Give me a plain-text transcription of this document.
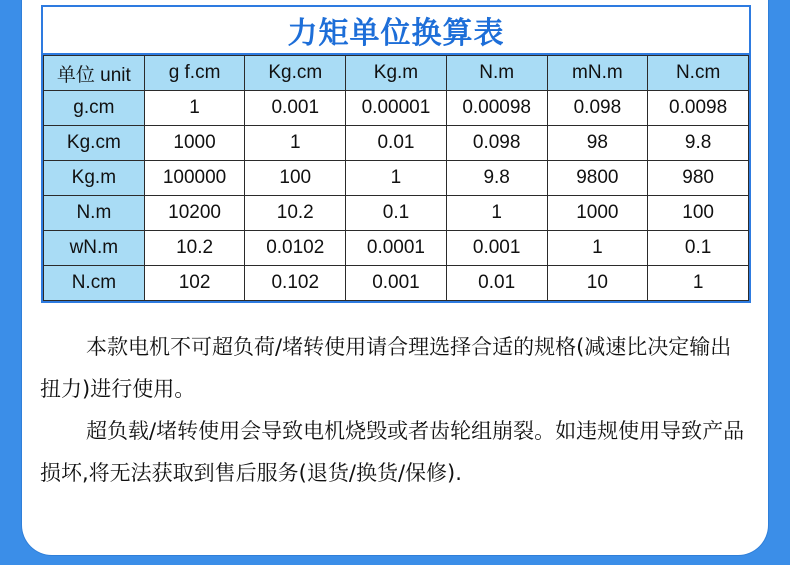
力矩单位换算表
单位 unit	g f.cm	Kg.cm	Kg.m	N.m	mN.m	N.cm
g.cm	1	0.001	0.00001	0.00098	0.098	0.0098
Kg.cm	1000	1	0.01	0.098	98	9.8
Kg.m	100000	100	1	9.8	9800	980
N.m	10200	10.2	0.1	1	1000	100
wN.m	10.2	0.0102	0.0001	0.001	1	0.1
N.cm	102	0.102	0.001	0.01	10	1

本款电机不可超负荷/堵转使用请合理选择合适的规格(减速比决定输出扭力)进行使用。

超负载/堵转使用会导致电机烧毁或者齿轮组崩裂。如违规使用导致产品损坏,将无法获取到售后服务(退货/换货/保修).
